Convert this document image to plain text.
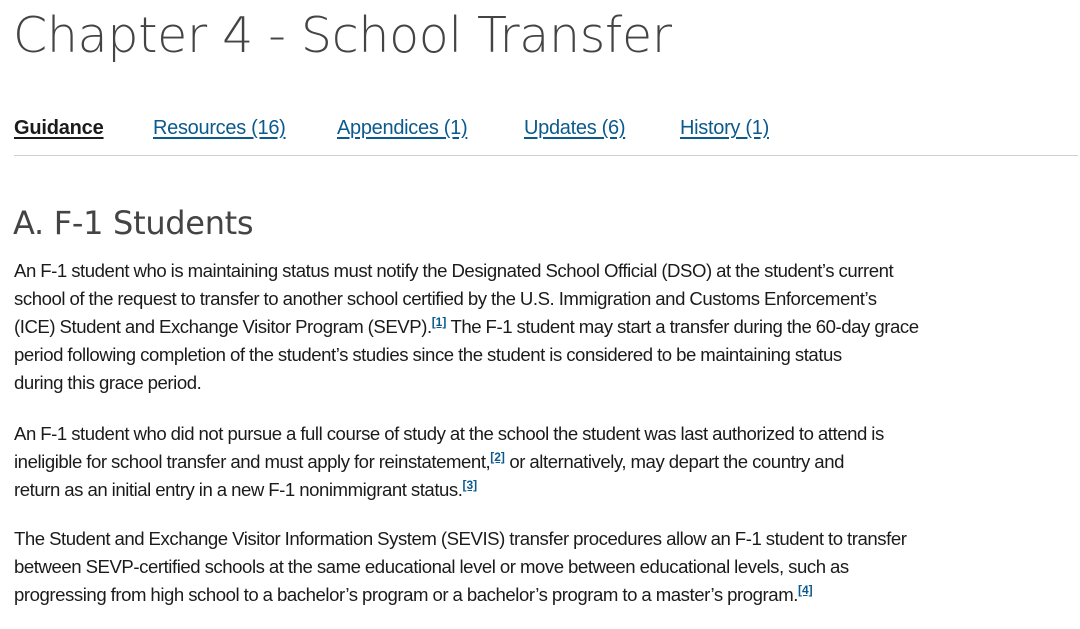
Chapter 4 - School Transfer
Guidance Resources (16)	Appendices (1)	Updates (6)	History (1)
A. F-1 Students
An F-1 student who is maintaining status must notify the Designated School Official (DSO) at the student’s current
school of the request to transfer to another school certified by the U.S. Immigration and Customs Enforcement’s
(ICE) Student and Exchange Visitor Program (SEVP).[1] The F-1 student may start a transfer during the 60-day grace
period following completion of the student’s studies since the student is considered to be maintaining status
during this grace period.
An F-1 student who did not pursue a full course of study at the school the student was last authorized to attend is
ineligible for school transfer and must apply for reinstatement,[2] or alternatively, may depart the country and
return as an initial entry in a new F-1 nonimmigrant status.[3]
The Student and Exchange Visitor Information System (SEVIS) transfer procedures allow an F-1 student to transfer
between SEVP-certified schools at the same educational level or move between educational levels, such as
progressing from high school to a bachelor’s program or a bachelor’s program to a master’s program.[4]
